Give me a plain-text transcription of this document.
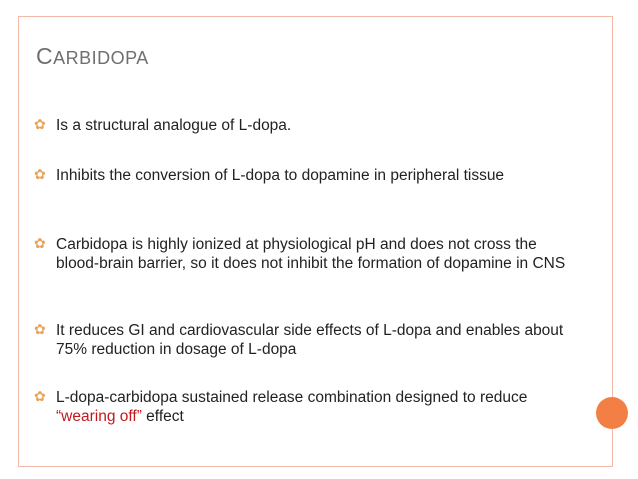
CARBIDOPA
✿ Is a structural analogue of L-dopa.
✿ Inhibits the conversion of L-dopa to dopamine in peripheral tissue
✿ Carbidopa is highly ionized at physiological pH and does not cross the blood-brain barrier, so it does not inhibit the formation of dopamine in CNS
✿ It reduces GI and cardiovascular side effects of L-dopa and enables about 75% reduction in dosage of L-dopa
✿ L-dopa-carbidopa sustained release combination designed to reduce “wearing off” effect
